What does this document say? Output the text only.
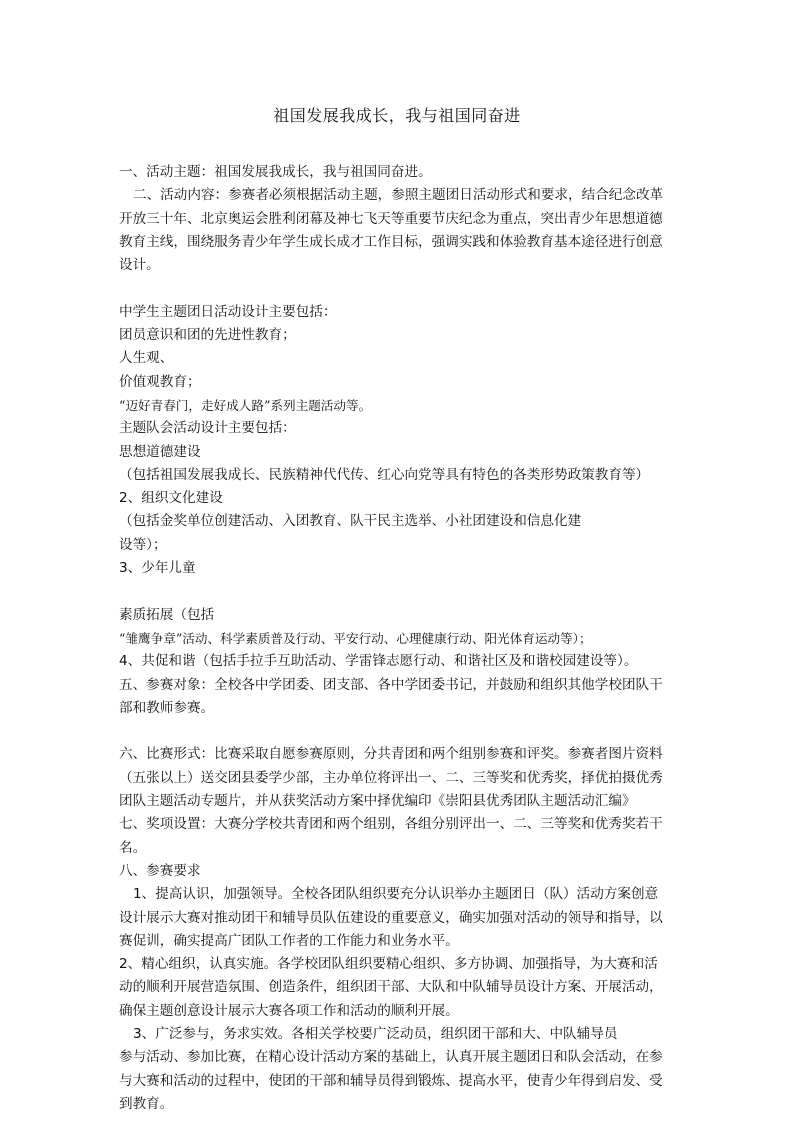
祖国发展我成长，我与祖国同奋进
一、活动主题：祖国发展我成长，我与祖国同奋进。
二、活动内容：参赛者必须根据活动主题，参照主题团日活动形式和要求，结合纪念改革
开放三十年、北京奥运会胜利闭幕及神七飞天等重要节庆纪念为重点，突出青少年思想道德
教育主线，围绕服务青少年学生成长成才工作目标，强调实践和体验教育基本途径进行创意
设计。
中学生主题团日活动设计主要包括：
团员意识和团的先进性教育；
人生观、
价值观教育；
“迈好青春门，走好成人路”系列主题活动等。
主题队会活动设计主要包括：
思想道德建设
（包括祖国发展我成长、民族精神代代传、红心向党等具有特色的各类形势政策教育等）
2、组织文化建设
（包括金奖单位创建活动、入团教育、队干民主选举、小社团建设和信息化建
设等）；
3、少年儿童
素质拓展（包括
“雏鹰争章”活动、科学素质普及行动、平安行动、心理健康行动、阳光体育运动等）；
4、共促和谐（包括手拉手互助活动、学雷锋志愿行动、和谐社区及和谐校园建设等）。
五、参赛对象：全校各中学团委、团支部、各中学团委书记，并鼓励和组织其他学校团队干
部和教师参赛。
六、比赛形式：比赛采取自愿参赛原则，分共青团和两个组别参赛和评奖。参赛者图片资料
（五张以上）送交团县委学少部，主办单位将评出一、二、三等奖和优秀奖，择优拍摄优秀
团队主题活动专题片，并从获奖活动方案中择优编印《崇阳县优秀团队主题活动汇编》
七、奖项设置：大赛分学校共青团和两个组别，各组分别评出一、二、三等奖和优秀奖若干
名。
八、参赛要求
1、提高认识，加强领导。全校各团队组织要充分认识举办主题团日（队）活动方案创意
设计展示大赛对推动团干和辅导员队伍建设的重要意义，确实加强对活动的领导和指导，以
赛促训，确实提高广团队工作者的工作能力和业务水平。
2、精心组织，认真实施。各学校团队组织要精心组织、多方协调、加强指导，为大赛和活
动的顺利开展营造氛围、创造条件，组织团干部、大队和中队辅导员设计方案、开展活动，
确保主题创意设计展示大赛各项工作和活动的顺利开展。
3、广泛参与，务求实效。各相关学校要广泛动员，组织团干部和大、中队辅导员
参与活动、参加比赛，在精心设计活动方案的基础上，认真开展主题团日和队会活动，在参
与大赛和活动的过程中，使团的干部和辅导员得到锻炼、提高水平，使青少年得到启发、受
到教育。
